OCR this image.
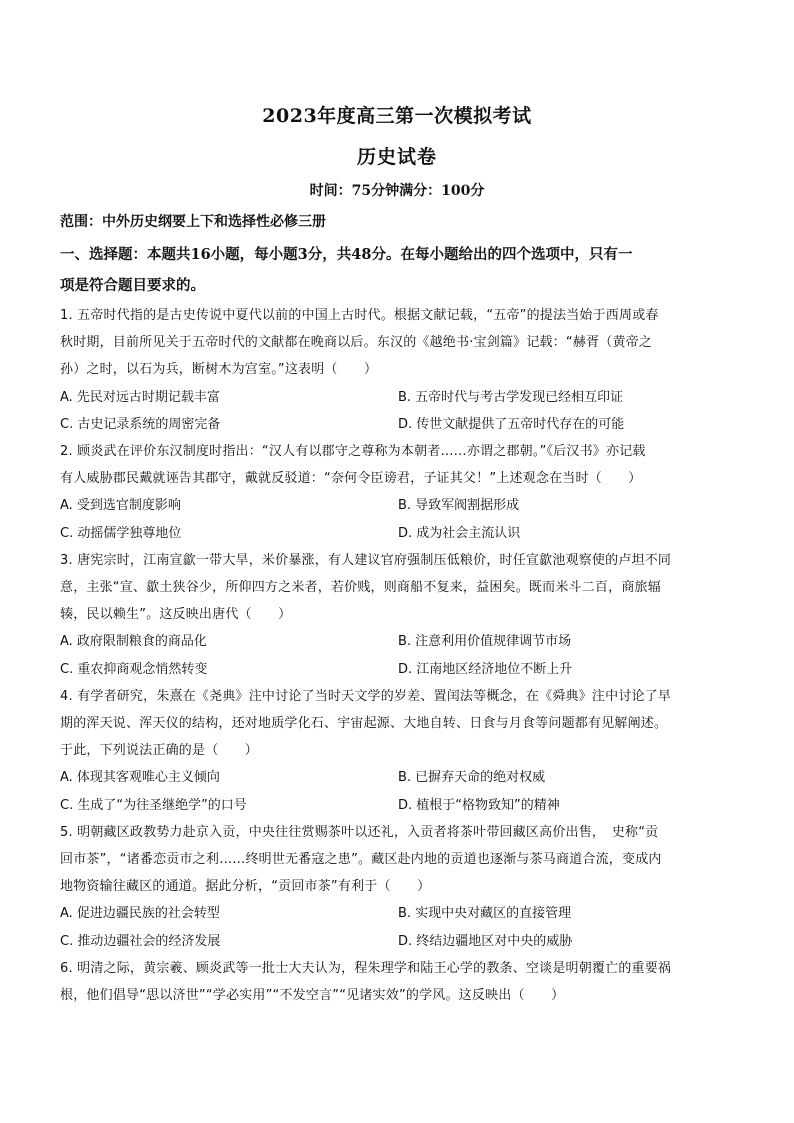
2023年度高三第一次模拟考试
历史试卷
时间：75分钟满分：100分
范围：中外历史纲要上下和选择性必修三册
一、选择题：本题共16小题，每小题3分，共48分。在每小题给出的四个选项中，只有一
项是符合题目要求的。
1. 五帝时代指的是古史传说中夏代以前的中国上古时代。根据文献记载，“五帝”的提法当始于西周或春
秋时期，目前所见关于五帝时代的文献都在晚商以后。东汉的《越绝书·宝剑篇》记载：“赫胥（黄帝之
孙）之时，以石为兵，断树木为宫室。”这表明（　　）
A. 先民对远古时期记载丰富	B. 五帝时代与考古学发现已经相互印证
C. 古史记录系统的周密完备	D. 传世文献提供了五帝时代存在的可能
2. 顾炎武在评价东汉制度时指出：“汉人有以郡守之尊称为本朝者……亦谓之郡朝。”《后汉书》亦记载
有人威胁郡民戴就诬告其郡守，戴就反驳道：“奈何令臣谤君，子证其父！”上述观念在当时（　　）
A. 受到选官制度影响	B. 导致军阀割据形成
C. 动摇儒学独尊地位	D. 成为社会主流认识
3. 唐宪宗时，江南宣歙一带大旱，米价暴涨，有人建议官府强制压低粮价，时任宣歙池观察使的卢坦不同
意，主张“宣、歙土狭谷少，所仰四方之米者，若价贱，则商船不复来，益困矣。既而米斗二百，商旅辐
辏，民以赖生”。这反映出唐代（　　）
A. 政府限制粮食的商品化	B. 注意利用价值规律调节市场
C. 重农抑商观念悄然转变	D. 江南地区经济地位不断上升
4. 有学者研究，朱熹在《尧典》注中讨论了当时天文学的岁差、置闰法等概念，在《舜典》注中讨论了早
期的浑天说、浑天仪的结构，还对地质学化石、宇宙起源、大地自转、日食与月食等问题都有见解阐述。
于此，下列说法正确的是（　　）
A. 体现其客观唯心主义倾向	B. 已摒弃天命的绝对权威
C. 生成了“为往圣继绝学”的口号	D. 植根于“格物致知”的精神
5. 明朝藏区政教势力赴京入贡，中央往往赏赐茶叶以还礼，入贡者将茶叶带回藏区高价出售，　史称“贡
回市茶”，“诸番恋贡市之利……终明世无番寇之患”。藏区赴内地的贡道也逐渐与茶马商道合流，变成内
地物资输往藏区的通道。据此分析，“贡回市茶”有利于（　　）
A. 促进边疆民族的社会转型	B. 实现中央对藏区的直接管理
C. 推动边疆社会的经济发展	D. 终结边疆地区对中央的威胁
6. 明清之际，黄宗羲、顾炎武等一批士大夫认为，程朱理学和陆王心学的教条、空谈是明朝覆亡的重要祸
根，他们倡导“思以济世”“学必实用”“不发空言”“见诸实效”的学风。这反映出（　　）
